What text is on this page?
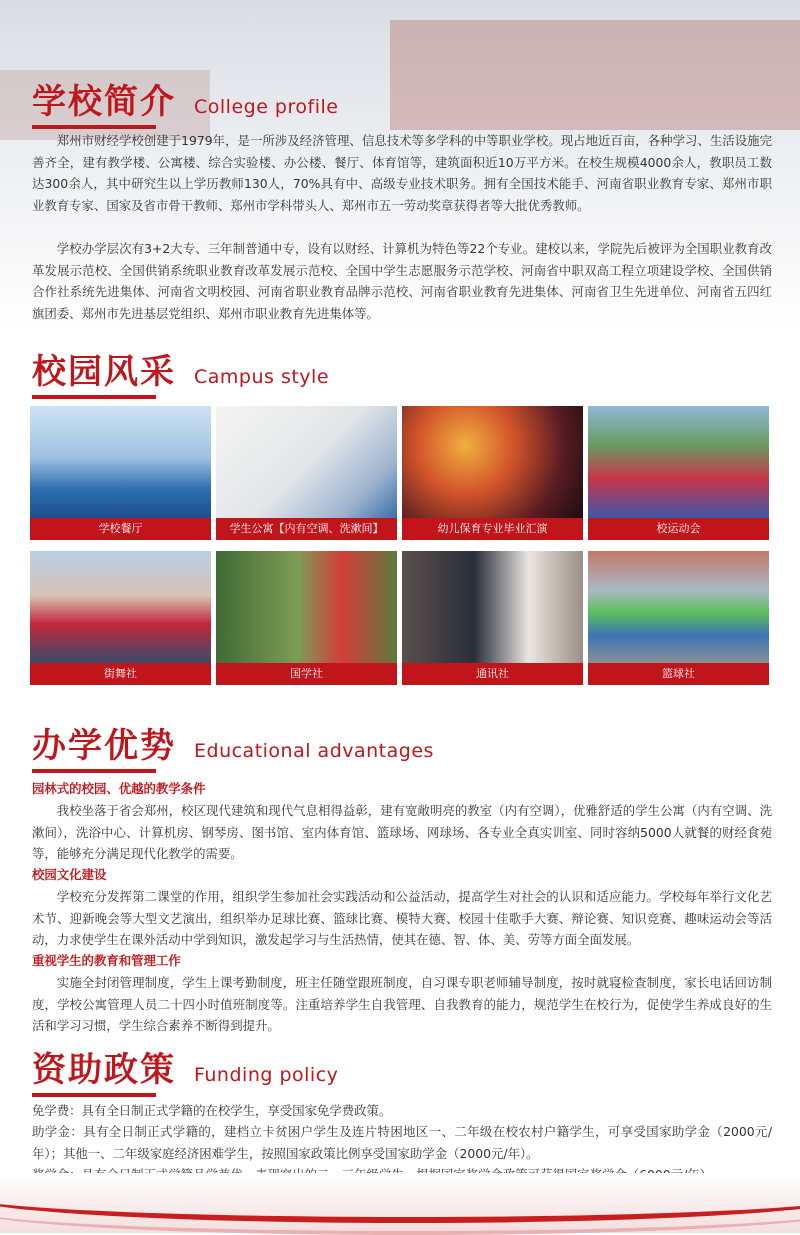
学校简介 College profile

郑州市财经学校创建于1979年，是一所涉及经济管理、信息技术等多学科的中等职业学校。现占地近百亩，各种学习、生活设施完善齐全，建有教学楼、公寓楼、综合实验楼、办公楼、餐厅、体育馆等，建筑面积近10万平方米。在校生规模4000余人，教职员工数达300余人，其中研究生以上学历教师130人，70%具有中、高级专业技术职务。拥有全国技术能手、河南省职业教育专家、郑州市职业教育专家、国家及省市骨干教师、郑州市学科带头人、郑州市五一劳动奖章获得者等大批优秀教师。

学校办学层次有3+2大专、三年制普通中专，设有以财经、计算机为特色等22个专业。建校以来，学院先后被评为全国职业教育改革发展示范校、全国供销系统职业教育改革发展示范校、全国中学生志愿服务示范学校、河南省中职双高工程立项建设学校、全国供销合作社系统先进集体、河南省文明校园、河南省职业教育品牌示范校、河南省职业教育先进集体、河南省卫生先进单位、河南省五四红旗团委、郑州市先进基层党组织、郑州市职业教育先进集体等。

校园风采 Campus style
学校餐厅	学生公寓【内有空调、洗漱间】	幼儿保育专业毕业汇演	校运动会
街舞社	国学社	通讯社	篮球社
办学优势 Educational advantages

园林式的校园、优越的教学条件

我校坐落于省会郑州，校区现代建筑和现代气息相得益彰，建有宽敞明亮的教室（内有空调），优雅舒适的学生公寓（内有空调、洗漱间），洗浴中心、计算机房、钢琴房、图书馆、室内体育馆、篮球场、网球场、各专业全真实训室、同时容纳5000人就餐的财经食苑等，能够充分满足现代化教学的需要。

校园文化建设

学校充分发挥第二课堂的作用，组织学生参加社会实践活动和公益活动，提高学生对社会的认识和适应能力。学校每年举行文化艺术节、迎新晚会等大型文艺演出，组织举办足球比赛、篮球比赛、模特大赛、校园十佳歌手大赛、辩论赛、知识竞赛、趣味运动会等活动，力求使学生在课外活动中学到知识，激发起学习与生活热情，使其在德、智、体、美、劳等方面全面发展。

重视学生的教育和管理工作

实施全封闭管理制度，学生上课考勤制度，班主任随堂跟班制度，自习课专职老师辅导制度，按时就寝检查制度，家长电话回访制度，学校公寓管理人员二十四小时值班制度等。注重培养学生自我管理、自我教育的能力，规范学生在校行为，促使学生养成良好的生活和学习习惯，学生综合素养不断得到提升。

资助政策 Funding policy

免学费：具有全日制正式学籍的在校学生，享受国家免学费政策。

助学金：具有全日制正式学籍的，建档立卡贫困户学生及连片特困地区一、二年级在校农村户籍学生，可享受国家助学金（2000元/年）；其他一、二年级家庭经济困难学生，按照国家政策比例享受国家助学金（2000元/年）。
